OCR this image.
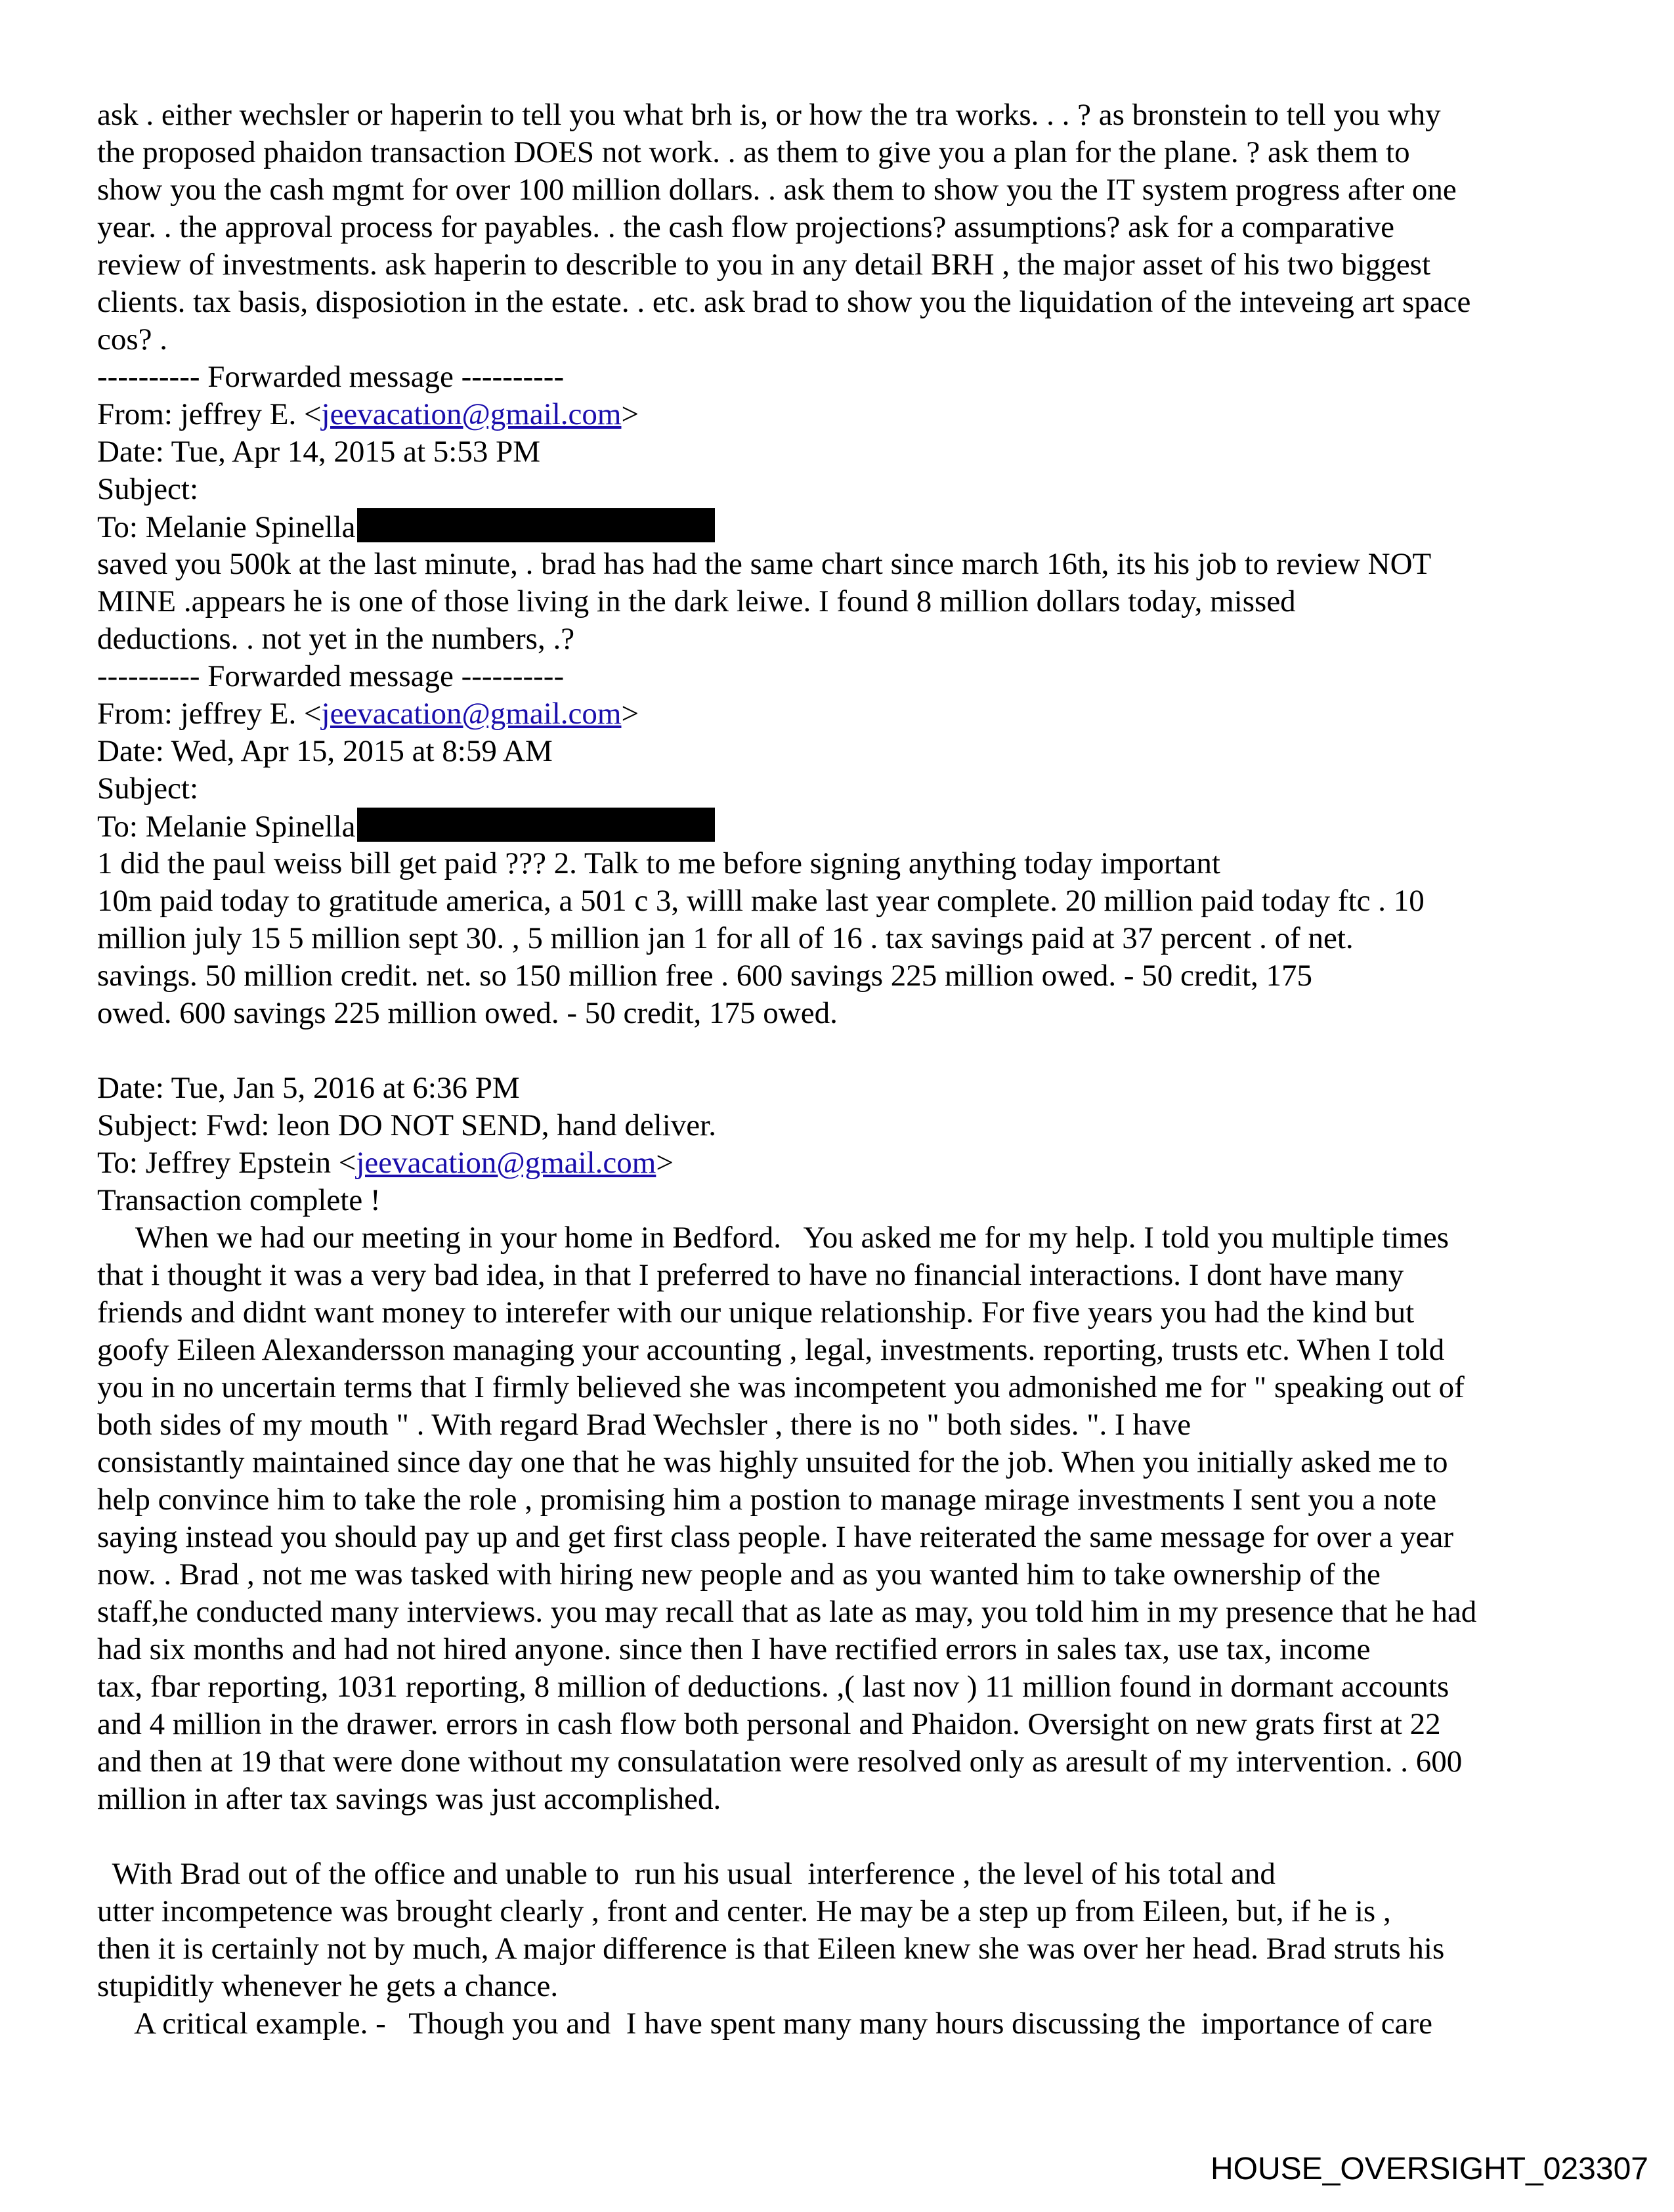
ask . either wechsler or haperin to tell you what brh is, or how the tra works. . . ? as bronstein to tell you why
the proposed phaidon transaction DOES not work. . as them to give you a plan for the plane. ? ask them to
show you the cash mgmt for over 100 million dollars. . ask them to show you the IT system progress after one
year. . the approval process for payables. . the cash flow projections? assumptions? ask for a comparative
review of investments. ask haperin to describle to you in any detail BRH , the major asset of his two biggest
clients. tax basis, disposiotion in the estate. . etc. ask brad to show you the liquidation of the inteveing art space
cos? .
---------- Forwarded message ----------
From: jeffrey E. <jeevacation@gmail.com>
Date: Tue, Apr 14, 2015 at 5:53 PM
Subject:
To: Melanie Spinella
saved you 500k at the last minute, . brad has had the same chart since march 16th, its his job to review NOT
MINE .appears he is one of those living in the dark leiwe. I found 8 million dollars today, missed
deductions. . not yet in the numbers, .?
---------- Forwarded message ----------
From: jeffrey E. <jeevacation@gmail.com>
Date: Wed, Apr 15, 2015 at 8:59 AM
Subject:
To: Melanie Spinella
1 did the paul weiss bill get paid ??? 2. Talk to me before signing anything today important
10m paid today to gratitude america, a 501 c 3, willl make last year complete. 20 million paid today ftc . 10
million july 15 5 million sept 30. , 5 million jan 1 for all of 16 . tax savings paid at 37 percent . of net.
savings. 50 million credit. net. so 150 million free . 600 savings 225 million owed. - 50 credit, 175
owed. 600 savings 225 million owed. - 50 credit, 175 owed.
Date: Tue, Jan 5, 2016 at 6:36 PM
Subject: Fwd: leon DO NOT SEND, hand deliver.
To: Jeffrey Epstein <jeevacation@gmail.com>
Transaction complete !
When we had our meeting in your home in Bedford.   You asked me for my help. I told you multiple times
that i thought it was a very bad idea, in that I preferred to have no financial interactions. I dont have many
friends and didnt want money to interefer with our unique relationship. For five years you had the kind but
goofy Eileen Alexandersson managing your accounting , legal, investments. reporting, trusts etc. When I told
you in no uncertain terms that I firmly believed she was incompetent you admonished me for " speaking out of
both sides of my mouth " . With regard Brad Wechsler , there is no " both sides. ". I have
consistantly maintained since day one that he was highly unsuited for the job. When you initially asked me to
help convince him to take the role , promising him a postion to manage mirage investments I sent you a note
saying instead you should pay up and get first class people. I have reiterated the same message for over a year
now. . Brad , not me was tasked with hiring new people and as you wanted him to take ownership of the
staff,he conducted many interviews. you may recall that as late as may, you told him in my presence that he had
had six months and had not hired anyone. since then I have rectified errors in sales tax, use tax, income
tax, fbar reporting, 1031 reporting, 8 million of deductions. ,( last nov ) 11 million found in dormant accounts
and 4 million in the drawer. errors in cash flow both personal and Phaidon. Oversight on new grats first at 22
and then at 19 that were done without my consulatation were resolved only as aresult of my intervention. . 600
million in after tax savings was just accomplished.
With Brad out of the office and unable to  run his usual  interference , the level of his total and
utter incompetence was brought clearly , front and center. He may be a step up from Eileen, but, if he is ,
then it is certainly not by much, A major difference is that Eileen knew she was over her head. Brad struts his
stupiditly whenever he gets a chance.
A critical example. -   Though you and  I have spent many many hours discussing the  importance of care
HOUSE_OVERSIGHT_023307
